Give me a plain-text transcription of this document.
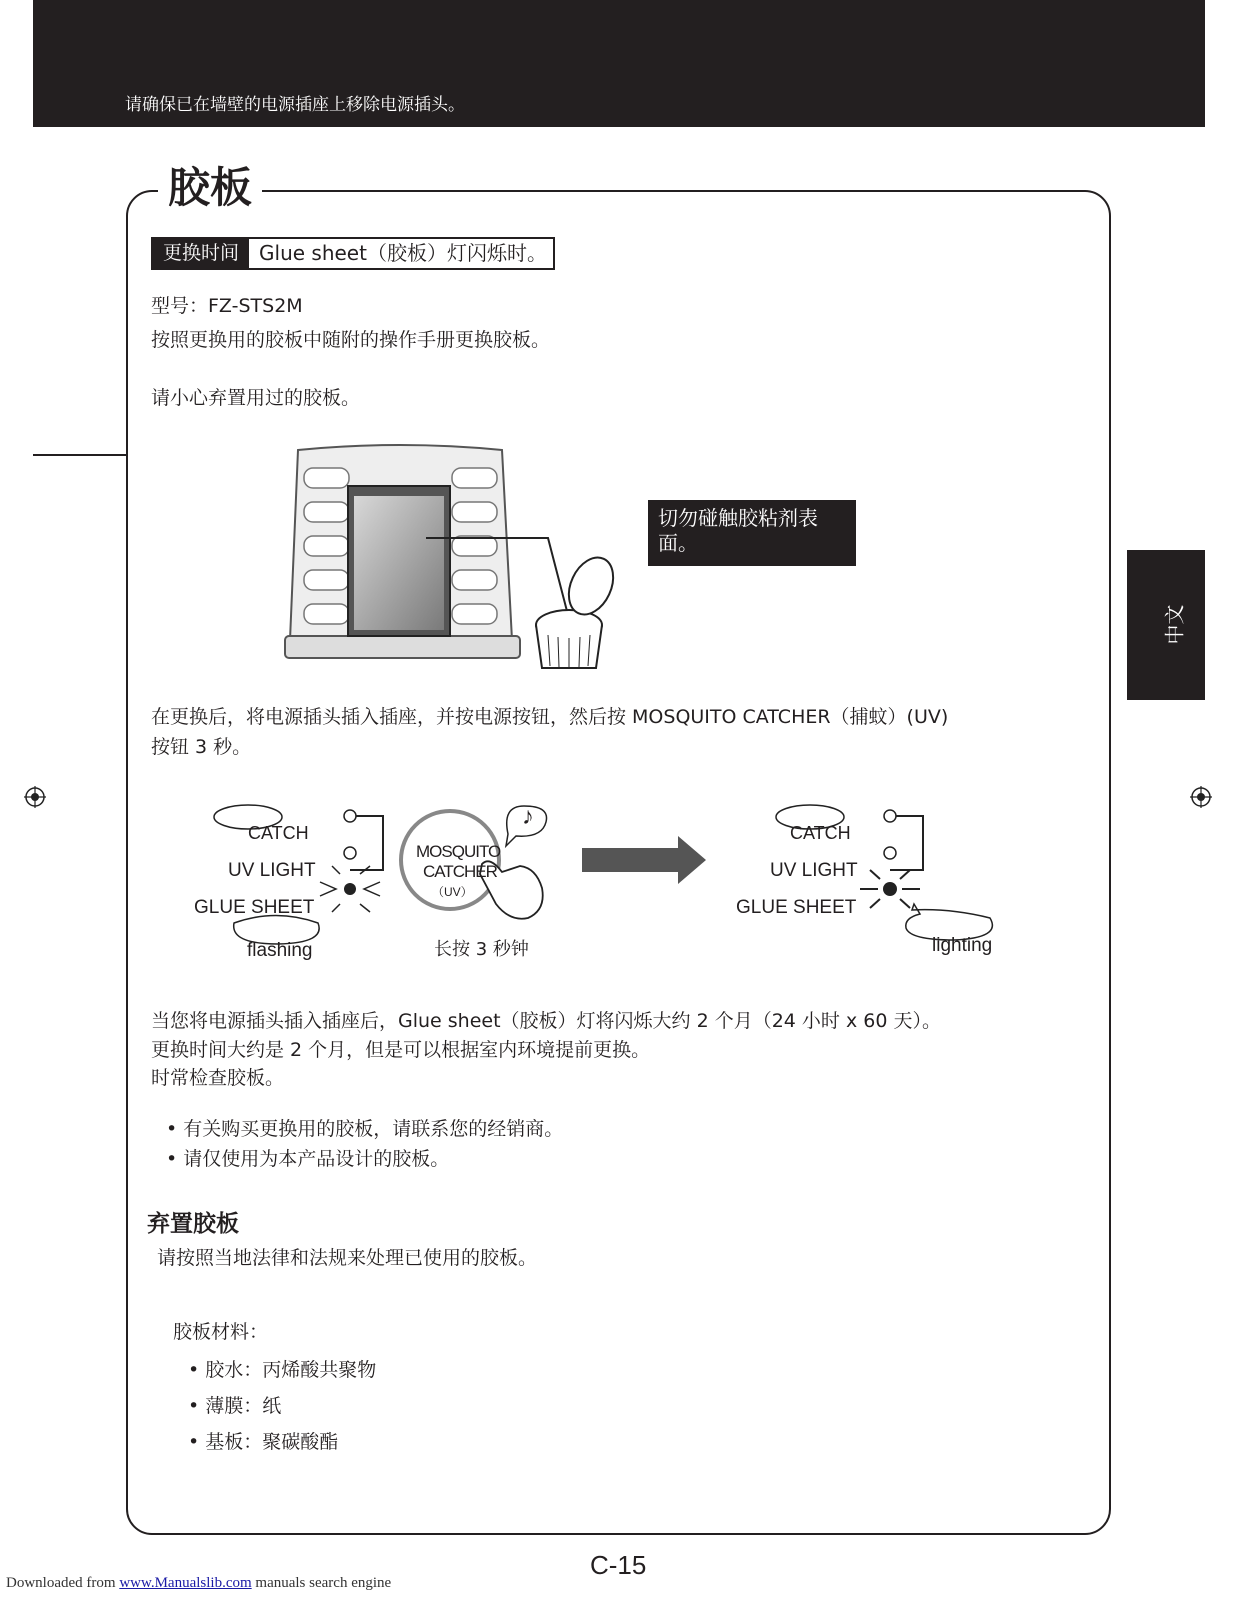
请确保已在墙壁的电源插座上移除电源插头。
胶板
更换时间	Glue sheet（胶板）灯闪烁时。
型号：FZ-STS2M
按照更换用的胶板中随附的操作手册更换胶板。
请小心弃置用过的胶板。
切勿碰触胶粘剂表面。
在更换后，将电源插头插入插座，并按电源按钮，然后按 MOSQUITO CATCHER（捕蚊）(UV)
按钮 3 秒。
CATCH
UV LIGHT
GLUE SHEET
flashing
MOSQUITO
CATCHER
（UV）
♪
长按 3 秒钟
CATCH
UV LIGHT
GLUE SHEET
lighting
当您将电源插头插入插座后，Glue sheet（胶板）灯将闪烁大约 2 个月（24 小时 x 60 天）。
更换时间大约是 2 个月，但是可以根据室内环境提前更换。
时常检查胶板。
• 有关购买更换用的胶板，请联系您的经销商。
• 请仅使用为本产品设计的胶板。
弃置胶板
请按照当地法律和法规来处理已使用的胶板。
胶板材料：
• 胶水：丙烯酸共聚物
• 薄膜：纸
• 基板：聚碳酸酯
中文
C-15
Downloaded from www.Manualslib.com manuals search engine
